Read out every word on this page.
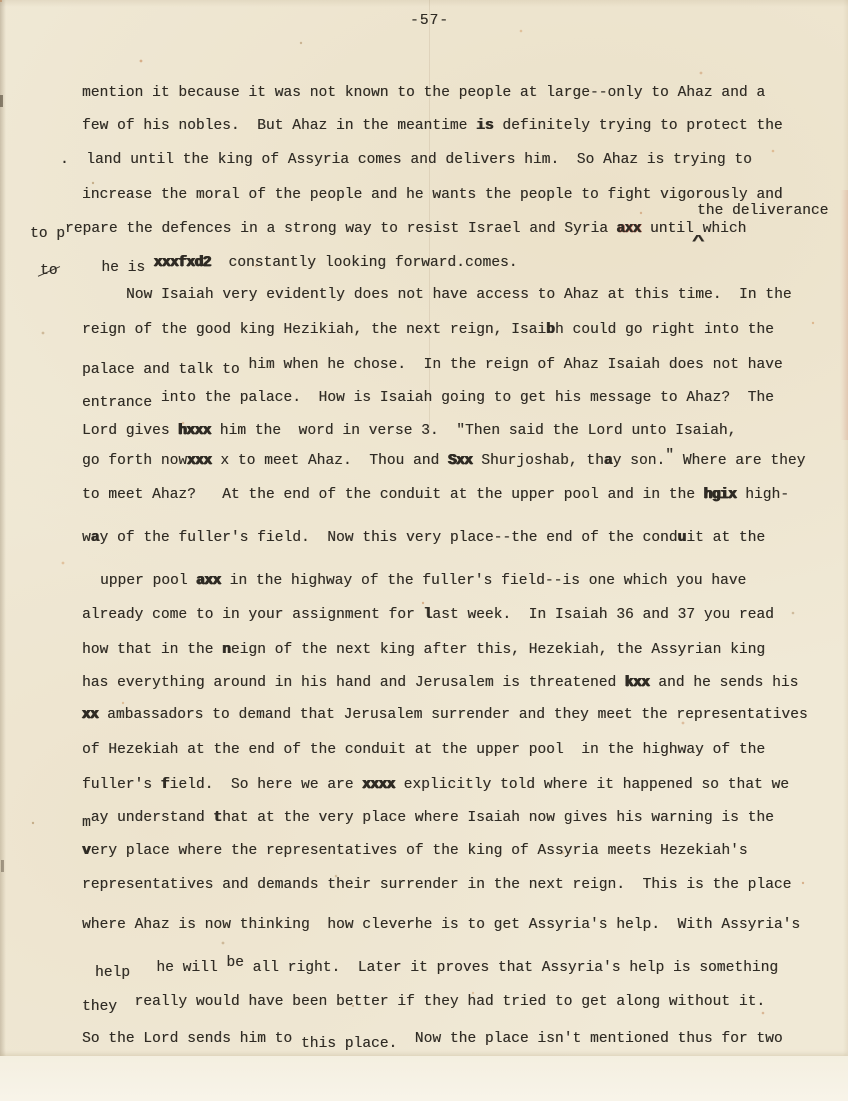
-57-
mention it because it was not known to the people at large--only to Ahaz and a
few of his nobles.  But Ahaz in the meantime is definitely trying to protect the
.  land until the king of Assyria comes and delivers him.  So Ahaz is trying to
increase the moral of the people and he wants the people to fight vigorously and
the deliverance
to prepare the defences in a strong way to resist Israel and Syria axx until^which
to	he is xxxfxd2  constantly looking forward.comes.
Now Isaiah very evidently does not have access to Ahaz at this time.  In the
reign of the good king Hezikiah, the next reign, Isaibh could go right into the
palace and talk to him when he chose.  In the reign of Ahaz Isaiah does not have
entrance into the palace.  How is Isaiah going to get his message to Ahaz?  The
Lord gives hxxx him the  word in verse 3.  "Then said the Lord unto Isaiah,
go forth nowxxx x to meet Ahaz.  Thou and Sxx Shurjoshab, thay son.″ Where are they
to meet Ahaz?   At the end of the conduit at the upper pool and in the hgix high-
way of the fuller's field.  Now this very place--the end of the conduit at the
upper pool axx in the highway of the fuller's field--is one which you have
already come to in your assignment for last week.  In Isaiah 36 and 37 you read
how that in the neign of the next king after this, Hezekiah, the Assyrian king
has everything around in his hand and Jerusalem is threatened kxx and he sends his
xx ambassadors to demand that Jerusalem surrender and they meet the representatives
of Hezekiah at the end of the conduit at the upper pool  in the highway of the
fuller's field.  So here we are xxxx explicitly told where it happened so that we
may understand that at the very place where Isaiah now gives his warning is the
very place where the representatives of the king of Assyria meets Hezekiah's
representatives and demands their surrender in the next reign.  This is the place
where Ahaz is now thinking  how cleverhe is to get Assyria's help.  With Assyria's
help he will be all right.  Later it proves that Assyria's help is something
they  really would have been better if they had tried to get along without it.
So the Lord sends him to this place.  Now the place isn't mentioned thus for two
